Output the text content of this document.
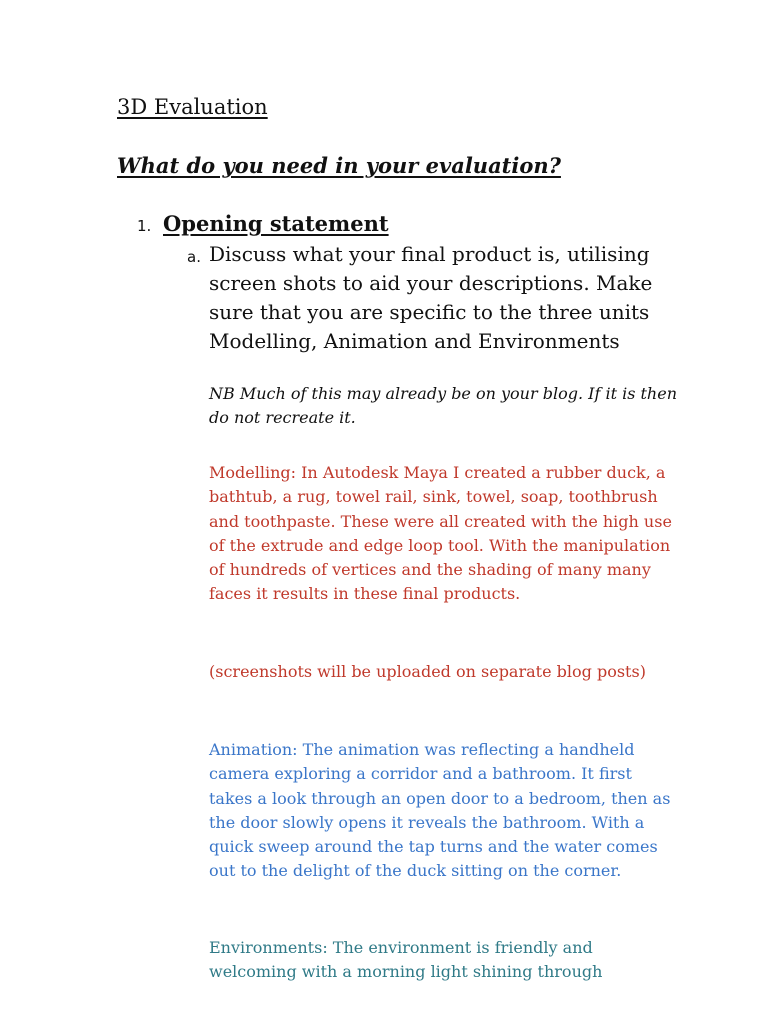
3D Evaluation
What do you need in your evaluation?
1. Opening statement
a. Discuss what your final product is, utilising screen shots to aid your descriptions. Make sure that you are specific to the three units Modelling, Animation and Environments
NB Much of this may already be on your blog. If it is then do not recreate it.
Modelling: In Autodesk Maya I created a rubber duck, a bathtub, a rug, towel rail, sink, towel, soap, toothbrush and toothpaste. These were all created with the high use of the extrude and edge loop tool. With the manipulation of hundreds of vertices and the shading of many many faces it results in these final products.
(screenshots will be uploaded on separate blog posts)
Animation: The animation was reflecting a handheld camera exploring a corridor and a bathroom. It first takes a look through an open door to a bedroom, then as the door slowly opens it reveals the bathroom. With a quick sweep around the tap turns and the water comes out to the delight of the duck sitting on the corner.
Environments: The environment is friendly and welcoming with a morning light shining through
